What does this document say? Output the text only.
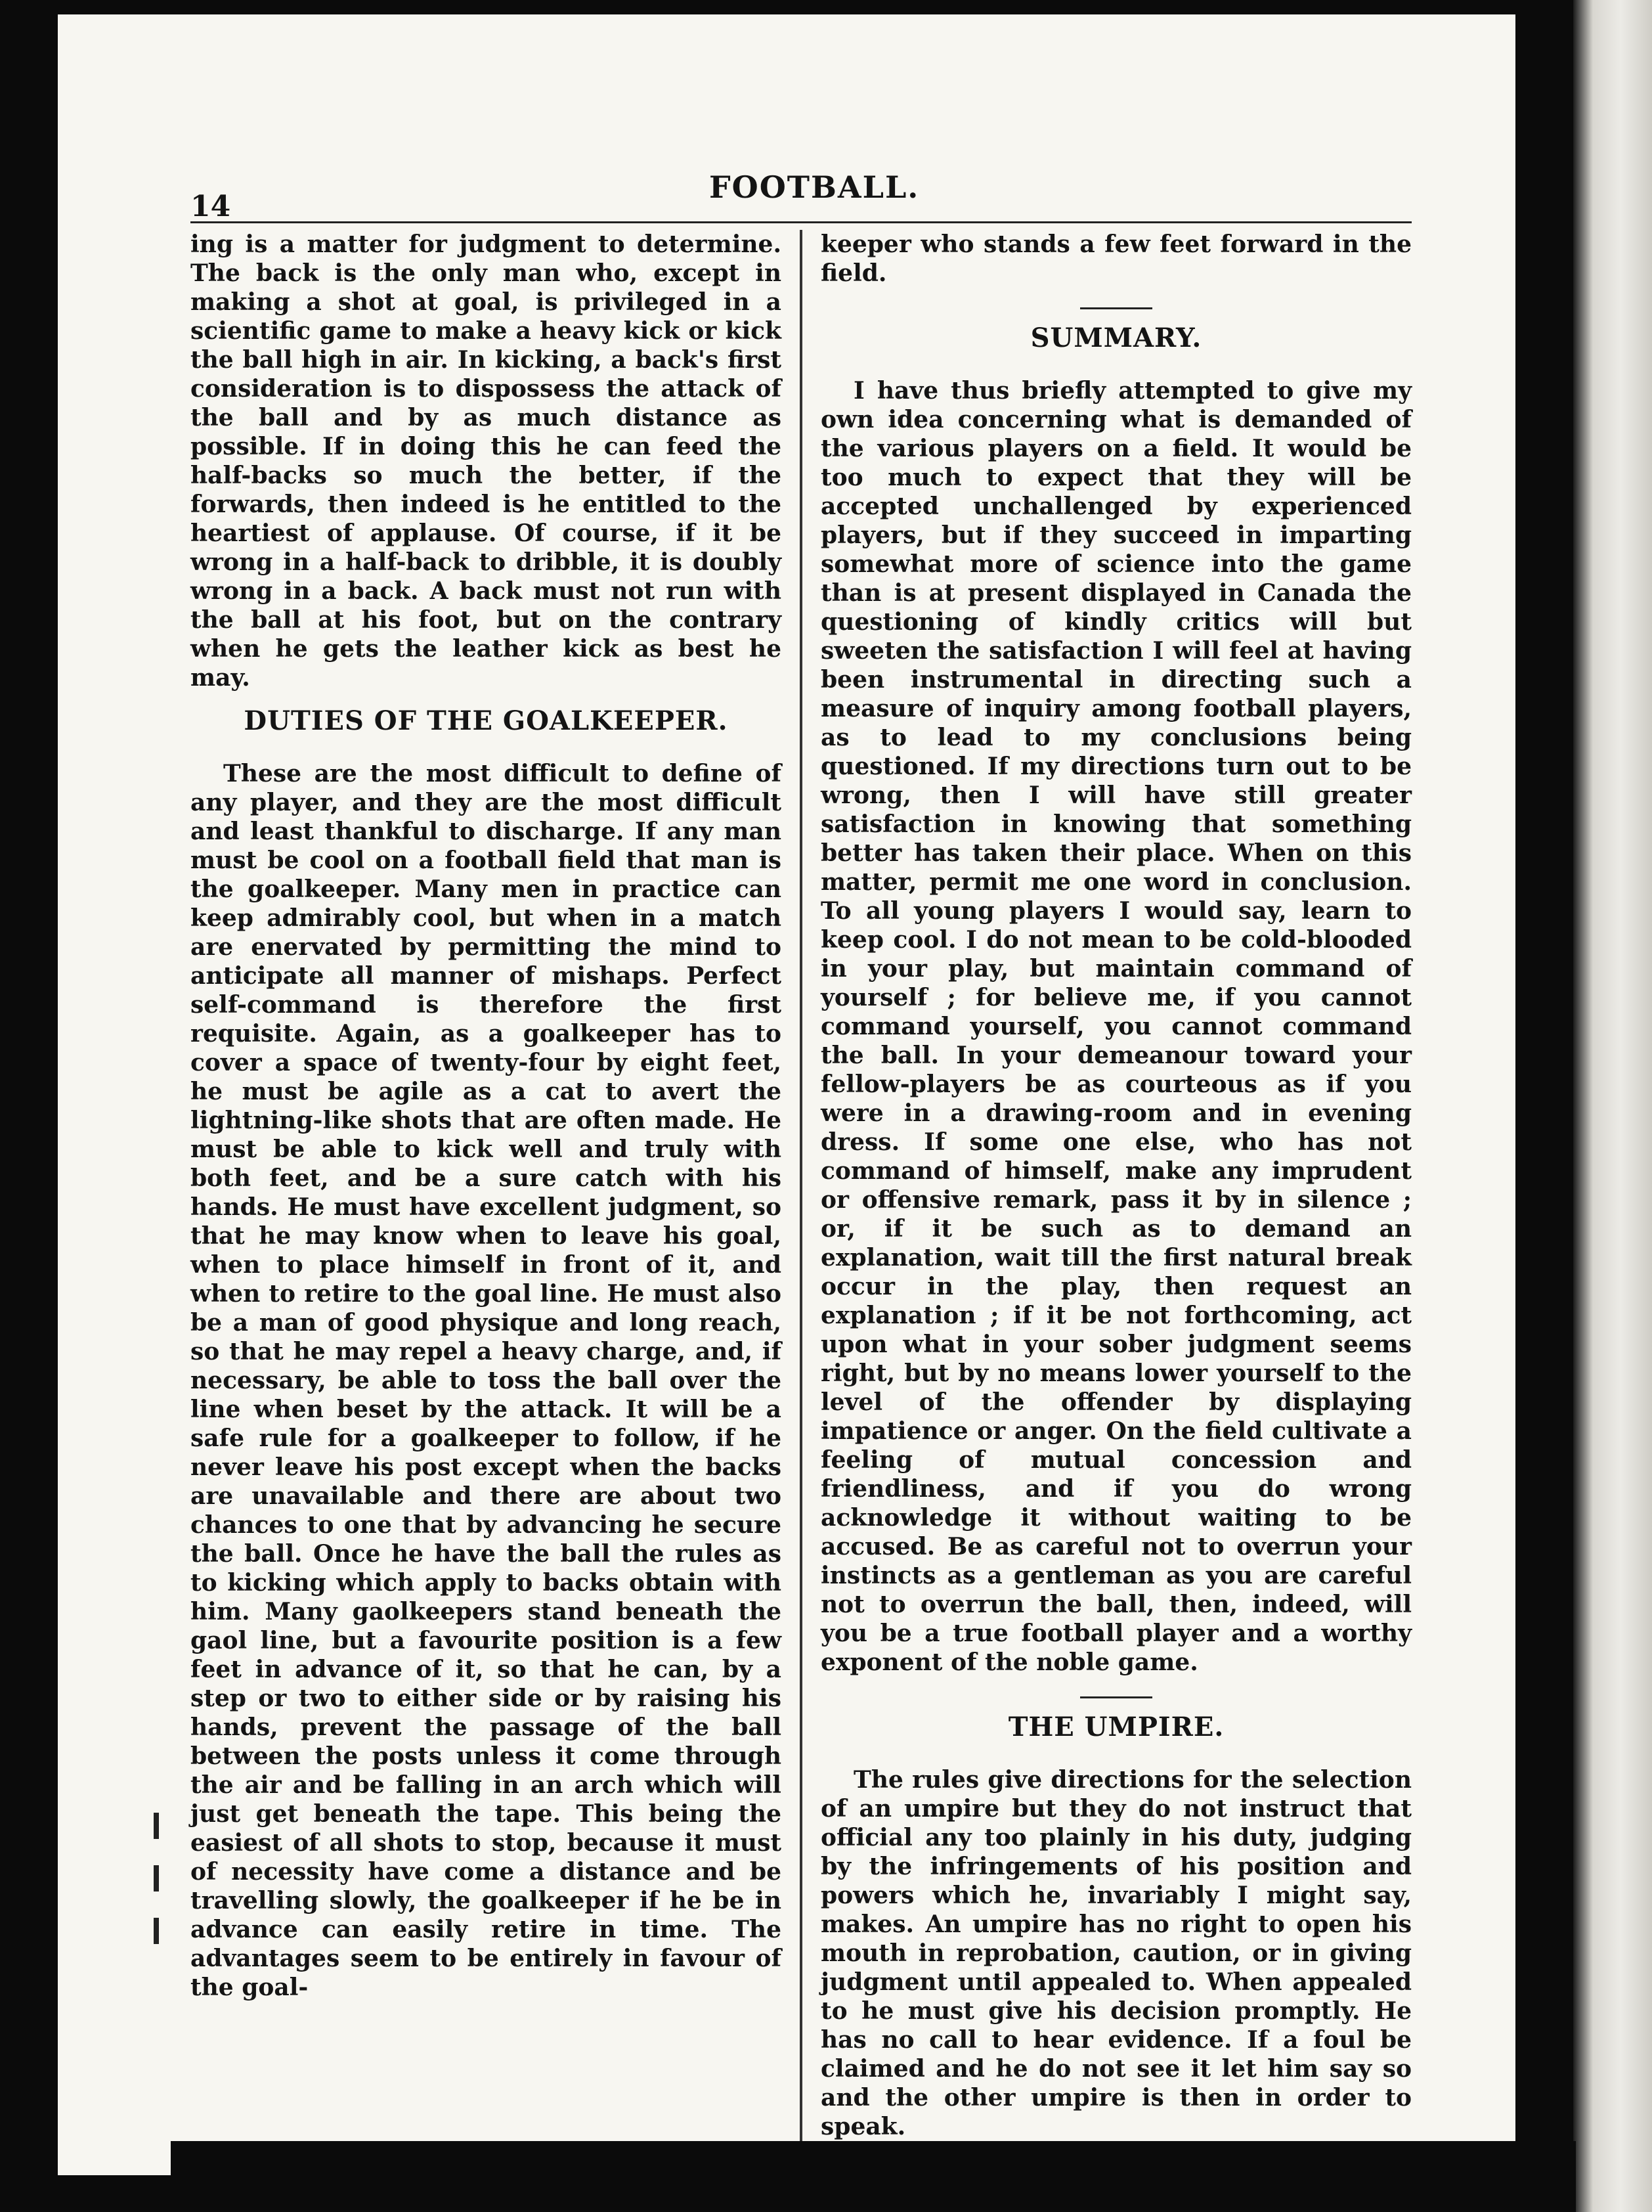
14
FOOTBALL.

ing is a matter for judgment to determine. The back is the only man who, except in making a shot at goal, is privileged in a scientific game to make a heavy kick or kick the ball high in air. In kicking, a back's first consideration is to dispossess the attack of the ball and by as much distance as possible. If in doing this he can feed the half-backs so much the better, if the forwards, then indeed is he entitled to the heartiest of applause. Of course, if it be wrong in a half-back to dribble, it is doubly wrong in a back. A back must not run with the ball at his foot, but on the contrary when he gets the leather kick as best he may.

DUTIES OF THE GOALKEEPER.

These are the most difficult to define of any player, and they are the most difficult and least thankful to discharge. If any man must be cool on a football field that man is the goalkeeper. Many men in practice can keep admirably cool, but when in a match are enervated by permitting the mind to anticipate all manner of mishaps. Perfect self-command is therefore the first requisite. Again, as a goalkeeper has to cover a space of twenty-four by eight feet, he must be agile as a cat to avert the lightning-like shots that are often made. He must be able to kick well and truly with both feet, and be a sure catch with his hands. He must have excellent judgment, so that he may know when to leave his goal, when to place himself in front of it, and when to retire to the goal line. He must also be a man of good physique and long reach, so that he may repel a heavy charge, and, if necessary, be able to toss the ball over the line when beset by the attack. It will be a safe rule for a goalkeeper to follow, if he never leave his post except when the backs are unavailable and there are about two chances to one that by advancing he secure the ball. Once he have the ball the rules as to kicking which apply to backs obtain with him. Many gaolkeepers stand beneath the gaol line, but a favourite position is a few feet in advance of it, so that he can, by a step or two to either side or by raising his hands, prevent the passage of the ball between the posts unless it come through the air and be falling in an arch which will just get beneath the tape. This being the easiest of all shots to stop, because it must of necessity have come a distance and be travelling slowly, the goalkeeper if he be in advance can easily retire in time. The advantages seem to be entirely in favour of the goal-

keeper who stands a few feet forward in the field.

SUMMARY.

I have thus briefly attempted to give my own idea concerning what is demanded of the various players on a field. It would be too much to expect that they will be accepted unchallenged by experienced players, but if they succeed in imparting somewhat more of science into the game than is at present displayed in Canada the questioning of kindly critics will but sweeten the satisfaction I will feel at having been instrumental in directing such a measure of inquiry among football players, as to lead to my conclusions being questioned. If my directions turn out to be wrong, then I will have still greater satisfaction in knowing that something better has taken their place. When on this matter, permit me one word in conclusion. To all young players I would say, learn to keep cool. I do not mean to be cold-blooded in your play, but maintain command of yourself ; for believe me, if you cannot command yourself, you cannot command the ball. In your demeanour toward your fellow-players be as courteous as if you were in a drawing-room and in evening dress. If some one else, who has not command of himself, make any imprudent or offensive remark, pass it by in silence ; or, if it be such as to demand an explanation, wait till the first natural break occur in the play, then request an explanation ; if it be not forthcoming, act upon what in your sober judgment seems right, but by no means lower yourself to the level of the offender by displaying impatience or anger. On the field cultivate a feeling of mutual concession and friendliness, and if you do wrong acknowledge it without waiting to be accused. Be as careful not to overrun your instincts as a gentleman as you are careful not to overrun the ball, then, indeed, will you be a true football player and a worthy exponent of the noble game.

THE UMPIRE.

The rules give directions for the selection of an umpire but they do not instruct that official any too plainly in his duty, judging by the infringements of his position and powers which he, invariably I might say, makes. An umpire has no right to open his mouth in reprobation, caution, or in giving judgment until appealed to. When appealed to he must give his decision promptly. He has no call to hear evidence. If a foul be claimed and he do not see it let him say so and the other umpire is then in order to speak.
